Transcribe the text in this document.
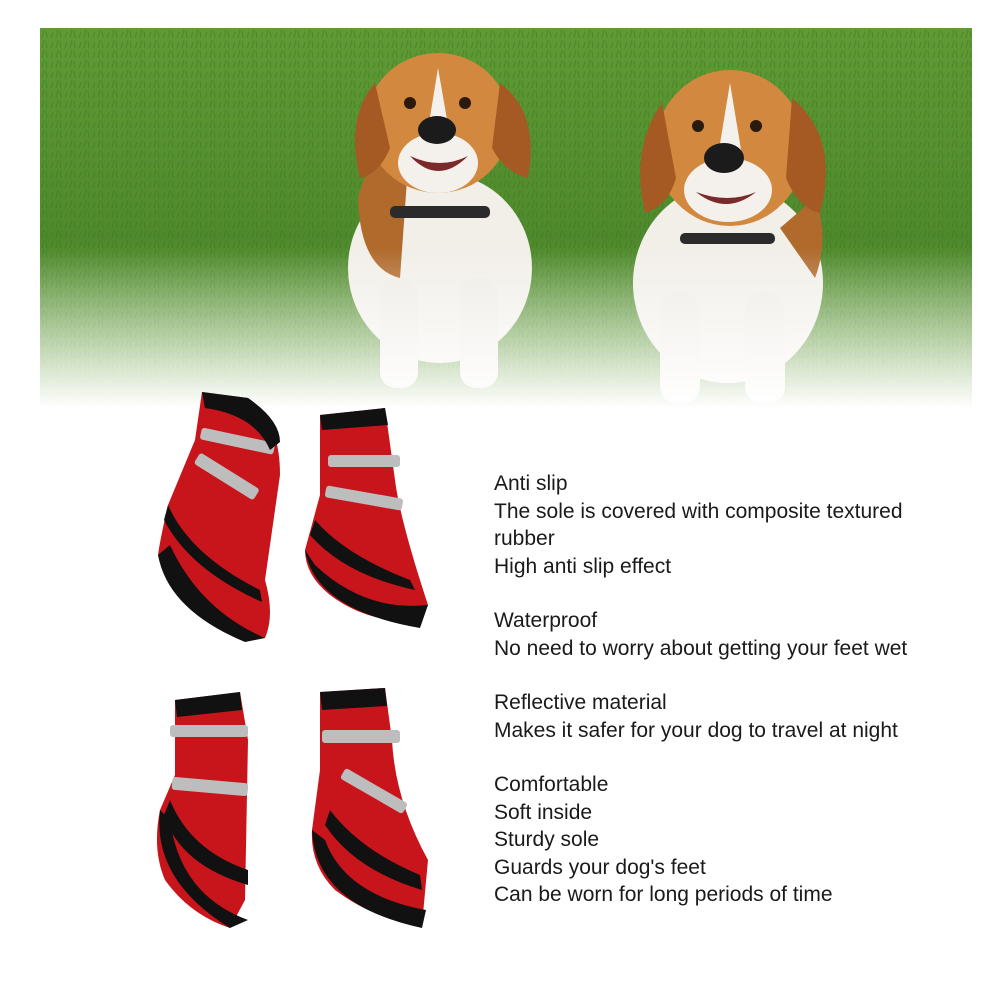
Anti slip
The sole is covered with composite textured
rubber
High anti slip effect
Waterproof
No need to worry about getting your feet wet
Reflective material
Makes it safer for your dog to travel at night
Comfortable
Soft inside
Sturdy sole
Guards your dog's feet
Can be worn for long periods of time
